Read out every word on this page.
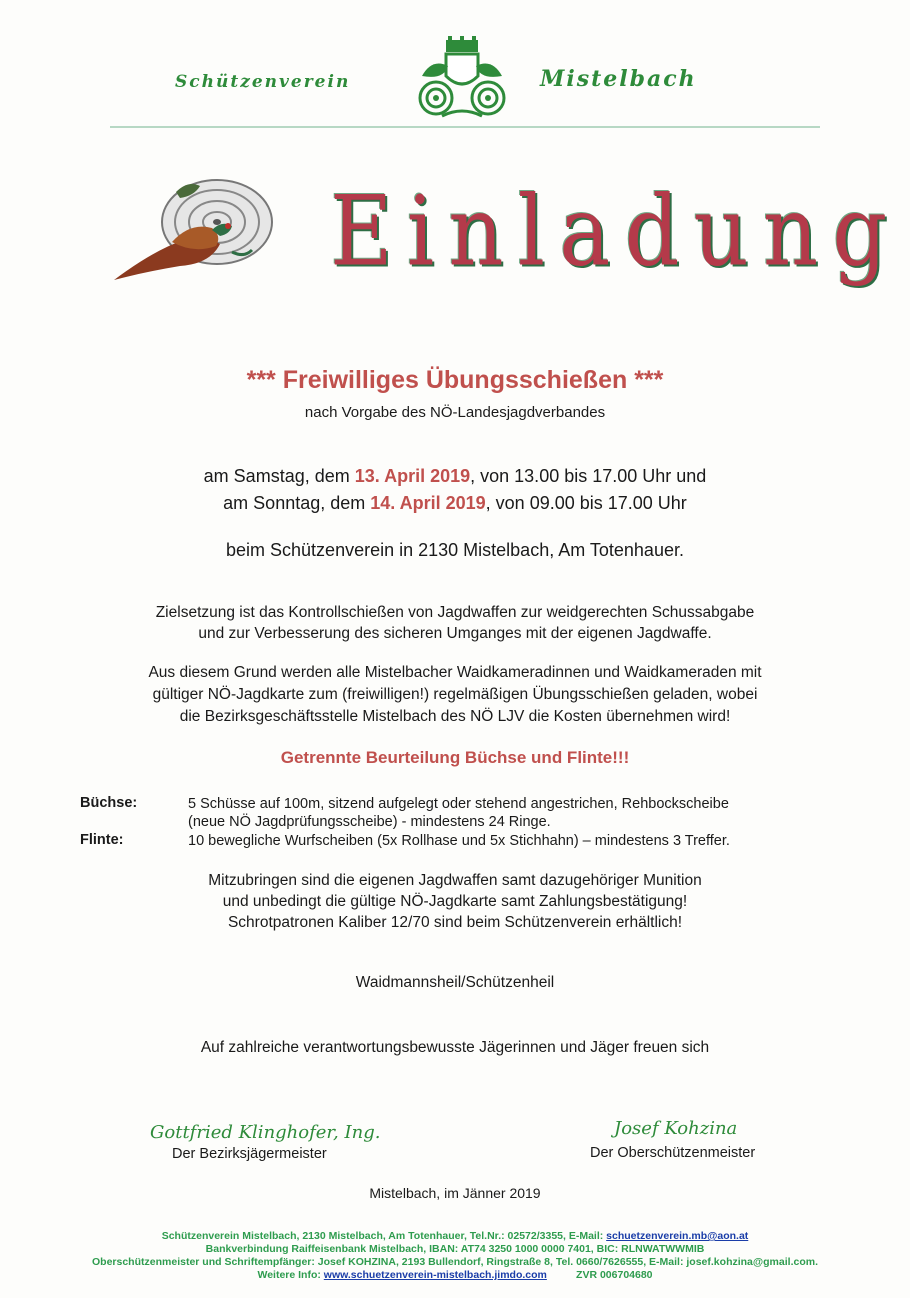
Schützenverein	Mistelbach
Einladung
*** Freiwilliges Übungsschießen ***
nach Vorgabe des NÖ-Landesjagdverbandes
am Samstag, dem 13. April 2019, von 13.00 bis 17.00 Uhr und
am Sonntag, dem 14. April 2019, von 09.00 bis 17.00 Uhr
beim Schützenverein in 2130 Mistelbach, Am Totenhauer.
Zielsetzung ist das Kontrollschießen von Jagdwaffen zur weidgerechten Schussabgabe
und zur Verbesserung des sicheren Umganges mit der eigenen Jagdwaffe.
Aus diesem Grund werden alle Mistelbacher Waidkameradinnen und Waidkameraden mit
gültiger NÖ-Jagdkarte zum (freiwilligen!) regelmäßigen Übungsschießen geladen, wobei
die Bezirksgeschäftsstelle Mistelbach des NÖ LJV die Kosten übernehmen wird!
Getrennte Beurteilung Büchse und Flinte!!!
Büchse:	5 Schüsse auf 100m, sitzend aufgelegt oder stehend angestrichen, Rehbockscheibe
(neue NÖ Jagdprüfungsscheibe) - mindestens 24 Ringe.
Flinte:	10 bewegliche Wurfscheiben (5x Rollhase und 5x Stichhahn) – mindestens 3 Treffer.
Mitzubringen sind die eigenen Jagdwaffen samt dazugehöriger Munition
und unbedingt die gültige NÖ-Jagdkarte samt Zahlungsbestätigung!
Schrotpatronen Kaliber 12/70 sind beim Schützenverein erhältlich!
Waidmannsheil/Schützenheil
Auf zahlreiche verantwortungsbewusste Jägerinnen und Jäger freuen sich
Gottfried Klinghofer, Ing.
Der Bezirksjägermeister
Josef Kohzina
Der Oberschützenmeister
Mistelbach, im Jänner 2019
Schützenverein Mistelbach, 2130 Mistelbach, Am Totenhauer, Tel.Nr.: 02572/3355, E-Mail: schuetzenverein.mb@aon.at
Bankverbindung Raiffeisenbank Mistelbach, IBAN: AT74 3250 1000 0000 7401, BIC: RLNWATWWMIB
Oberschützenmeister und Schriftempfänger: Josef KOHZINA, 2193 Bullendorf, Ringstraße 8, Tel. 0660/7626555, E-Mail: josef.kohzina@gmail.com.
Weitere Info: www.schuetzenverein-mistelbach.jimdo.com          ZVR 006704680
